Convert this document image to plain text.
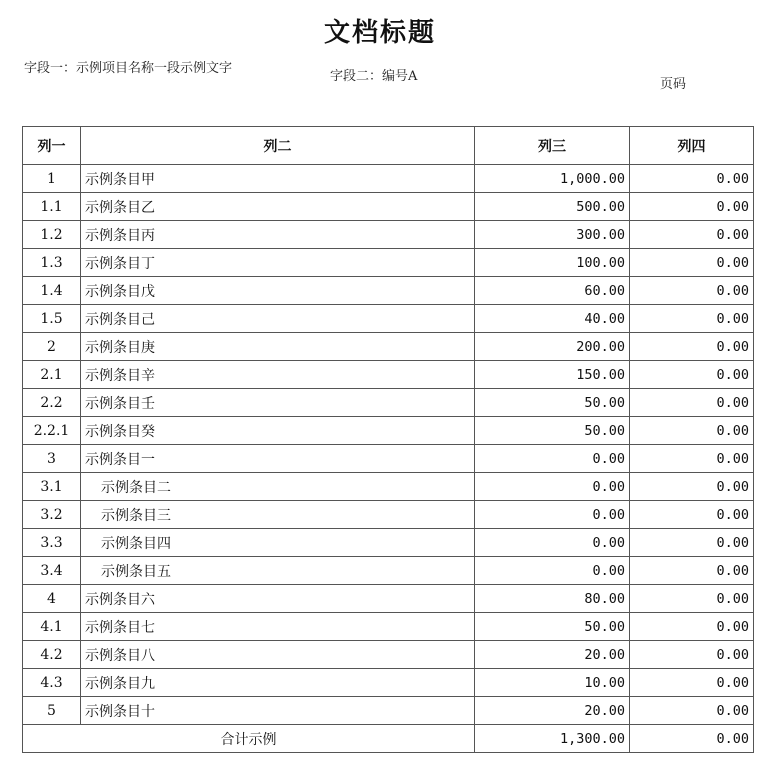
文档标题
字段一：示例项目名称一段示例文字
字段二：编号A
页码
列一	列二	列三	列四
1	示例条目甲	1,000.00	0.00
1.1	示例条目乙	500.00	0.00
1.2	示例条目丙	300.00	0.00
1.3	示例条目丁	100.00	0.00
1.4	示例条目戊	60.00	0.00
1.5	示例条目己	40.00	0.00
2	示例条目庚	200.00	0.00
2.1	示例条目辛	150.00	0.00
2.2	示例条目壬	50.00	0.00
2.2.1	示例条目癸	50.00	0.00
3	示例条目一	0.00	0.00
3.1	示例条目二	0.00	0.00
3.2	示例条目三	0.00	0.00
3.3	示例条目四	0.00	0.00
3.4	示例条目五	0.00	0.00
4	示例条目六	80.00	0.00
4.1	示例条目七	50.00	0.00
4.2	示例条目八	20.00	0.00
4.3	示例条目九	10.00	0.00
5	示例条目十	20.00	0.00
合计示例		1,300.00	0.00
